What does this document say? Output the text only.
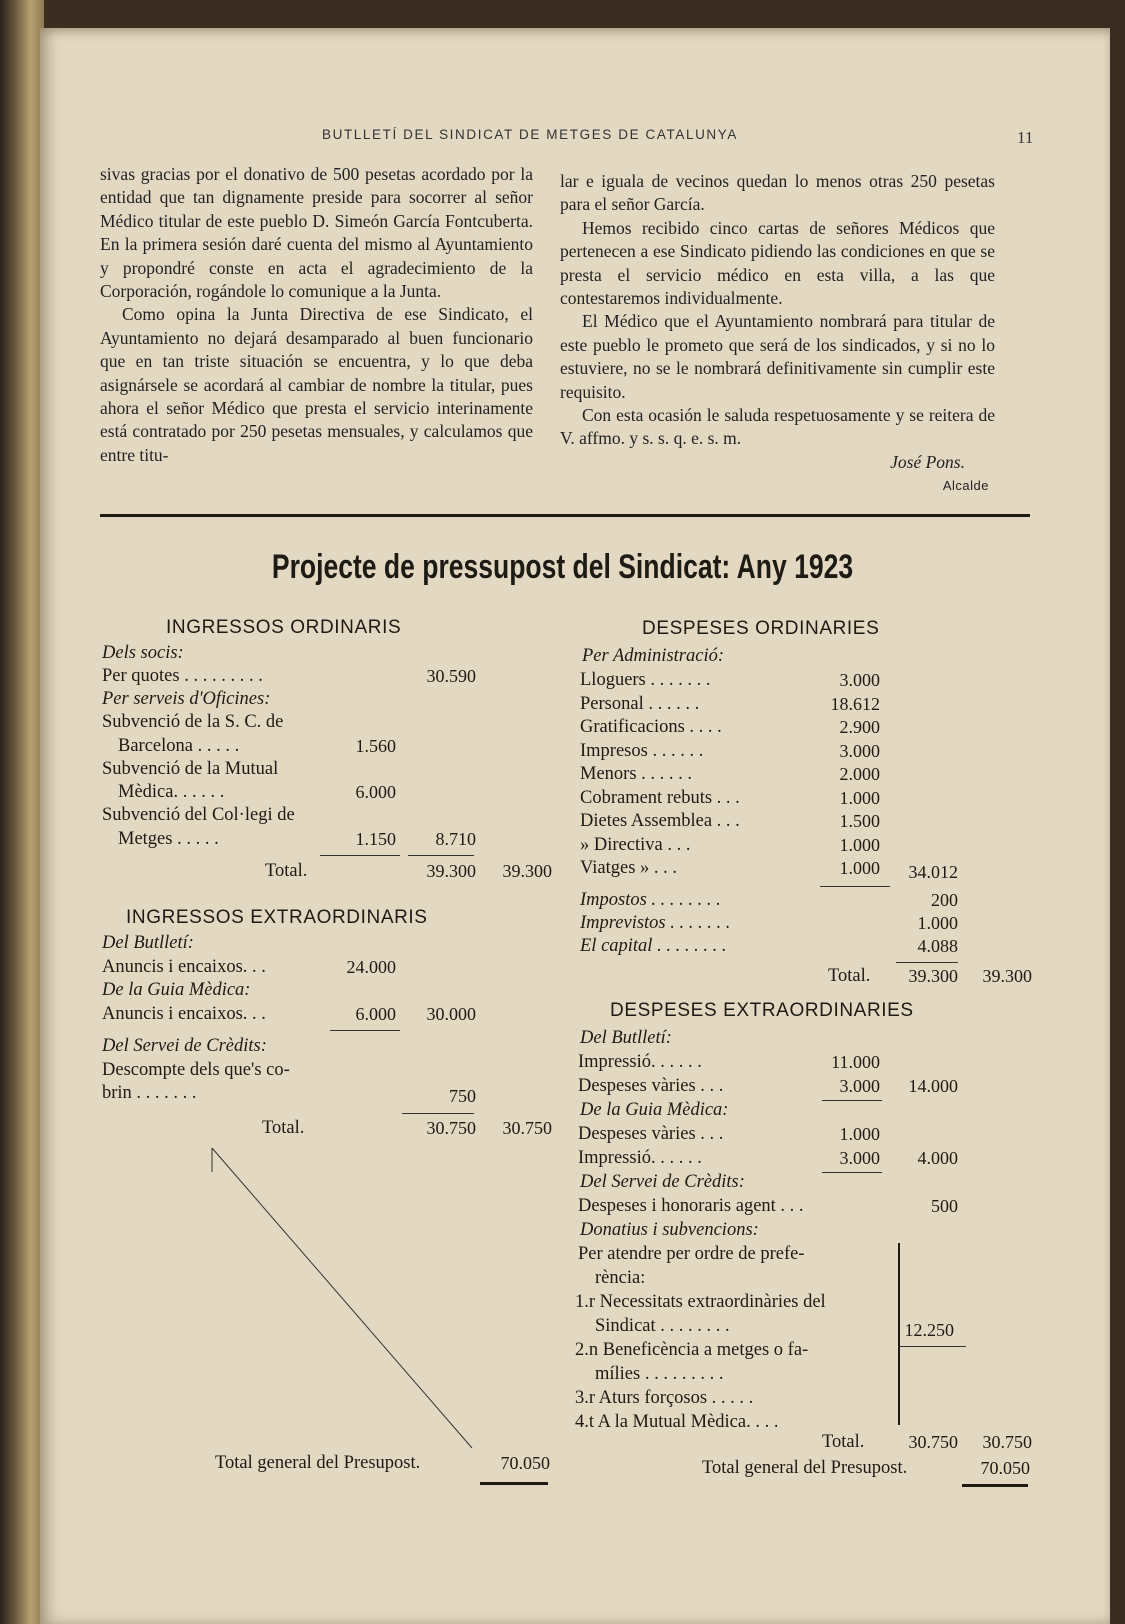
BUTLLETÍ DEL SINDICAT DE METGES DE CATALUNYA	11

sivas gracias por el donativo de 500 pesetas acordado por la entidad que tan dignamente preside para socorrer al señor Médico titular de este pueblo D. Simeón García Fontcuberta. En la primera sesión daré cuenta del mismo al Ayuntamiento y propondré conste en acta el agradecimiento de la Corporación, rogándole lo comunique a la Junta.

Como opina la Junta Directiva de ese Sindicato, el Ayuntamiento no dejará desamparado al buen funcionario que en tan triste situación se encuentra, y lo que deba asignársele se acordará al cambiar de nombre la titular, pues ahora el señor Médico que presta el servicio interinamente está contratado por 250 pesetas mensuales, y calculamos que entre titu-

lar e iguala de vecinos quedan lo menos otras 250 pesetas para el señor García.

Hemos recibido cinco cartas de señores Médicos que pertenecen a ese Sindicato pidiendo las condiciones en que se presta el servicio médico en esta villa, a las que contestaremos individualmente.

El Médico que el Ayuntamiento nombrará para titular de este pueblo le prometo que será de los sindicados, y si no lo estuviere, no se le nombrará definitivamente sin cumplir este requisito.

Con esta ocasión le saluda respetuosamente y se reitera de V. affmo. y s. s. q. e. s. m.

José Pons.
Alcalde
Projecte de pressupost del Sindicat: Any 1923
INGRESSOS ORDINARIS
Dels socis:
Per quotes . . . . . . . . .	30.590
Per serveis d'Oficines:
Subvenció de la S. C. de
Barcelona . . . . .	1.560
Subvenció de la Mutual
Mèdica. . . . . .	6.000
Subvenció del Col·legi de
Metges . . . . .	1.150	8.710
Total.	39.300	39.300
INGRESSOS EXTRAORDINARIS
Del Butlletí:
Anuncis i encaixos. . .	24.000
De la Guia Mèdica:
Anuncis i encaixos. . .	6.000	30.000
Del Servei de Crèdits:
Descompte dels que's co-
brin . . . . . . .	750
Total.	30.750	30.750
Total general del Presupost.	70.050
DESPESES ORDINARIES
Per Administració:
Lloguers . . . . . . .	3.000
Personal . . . . . .	18.612
Gratificacions . . . .	2.900
Impresos . . . . . .	3.000
Menors . . . . . .	2.000
Cobrament rebuts . . .	1.000
Dietes Assemblea . . .	1.500
» Directiva . . .	1.000
Viatges » . . .	1.000	34.012
Impostos . . . . . . . .	200
Imprevistos . . . . . . .	1.000
El capital . . . . . . . .	4.088
Total.	39.300	39.300
DESPESES EXTRAORDINARIES
Del Butlletí:
Impressió. . . . . .	11.000
Despeses vàries . . .	3.000	14.000
De la Guia Mèdica:
Despeses vàries . . .	1.000
Impressió. . . . . .	3.000	4.000
Del Servei de Crèdits:
Despeses i honoraris agent . . .	500
Donatius i subvencions:
Per atendre per ordre de prefe-
rència:
1.r Necessitats extraordinàries del
Sindicat . . . . . . . .
2.n Beneficència a metges o fa-
mílies . . . . . . . . .
3.r Aturs forçosos . . . . .
4.t A la Mutual Mèdica. . . .
12.250
Total.	30.750	30.750
Total general del Presupost.	70.050
